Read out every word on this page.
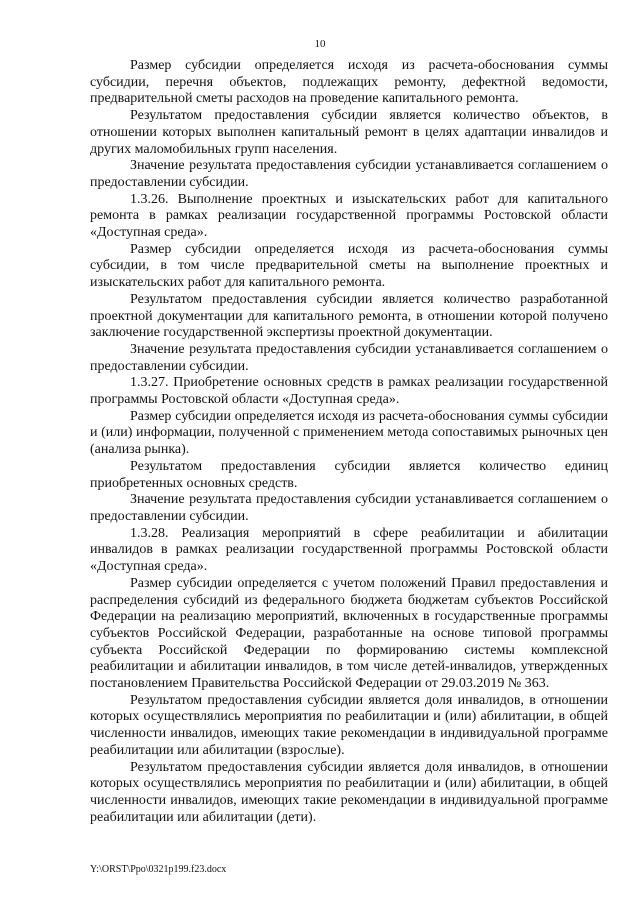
10

Размер субсидии определяется исходя из расчета-обоснования суммы субсидии, перечня объектов, подлежащих ремонту, дефектной ведомости, предварительной сметы расходов на проведение капитального ремонта.

Результатом предоставления субсидии является количество объектов, в отношении которых выполнен капитальный ремонт в целях адаптации инвалидов и других маломобильных групп населения.

Значение результата предоставления субсидии устанавливается соглашением о предоставлении субсидии.

1.3.26. Выполнение проектных и изыскательских работ для капитального ремонта в рамках реализации государственной программы Ростовской области «Доступная среда».

Размер субсидии определяется исходя из расчета-обоснования суммы субсидии, в том числе предварительной сметы на выполнение проектных и изыскательских работ для капитального ремонта.

Результатом предоставления субсидии является количество разработанной проектной документации для капитального ремонта, в отношении которой получено заключение государственной экспертизы проектной документации.

Значение результата предоставления субсидии устанавливается соглашением о предоставлении субсидии.

1.3.27. Приобретение основных средств в рамках реализации государственной программы Ростовской области «Доступная среда».

Размер субсидии определяется исходя из расчета-обоснования суммы субсидии и (или) информации, полученной с применением метода сопоставимых рыночных цен (анализа рынка).

Результатом предоставления субсидии является количество единиц приобретенных основных средств.

Значение результата предоставления субсидии устанавливается соглашением о предоставлении субсидии.

1.3.28. Реализация мероприятий в сфере реабилитации и абилитации инвалидов в рамках реализации государственной программы Ростовской области «Доступная среда».

Размер субсидии определяется с учетом положений Правил предоставления и распределения субсидий из федерального бюджета бюджетам субъектов Российской Федерации на реализацию мероприятий, включенных в государственные программы субъектов Российской Федерации, разработанные на основе типовой программы субъекта Российской Федерации по формированию системы комплексной реабилитации и абилитации инвалидов, в том числе детей-инвалидов, утвержденных постановлением Правительства Российской Федерации от 29.03.2019 № 363.

Результатом предоставления субсидии является доля инвалидов, в отношении которых осуществлялись мероприятия по реабилитации и (или) абилитации, в общей численности инвалидов, имеющих такие рекомендации в индивидуальной программе реабилитации или абилитации (взрослые).

Результатом предоставления субсидии является доля инвалидов, в отношении которых осуществлялись мероприятия по реабилитации и (или) абилитации, в общей численности инвалидов, имеющих такие рекомендации в индивидуальной программе реабилитации или абилитации (дети).

Y:\ORST\Ppo\0321p199.f23.docx
